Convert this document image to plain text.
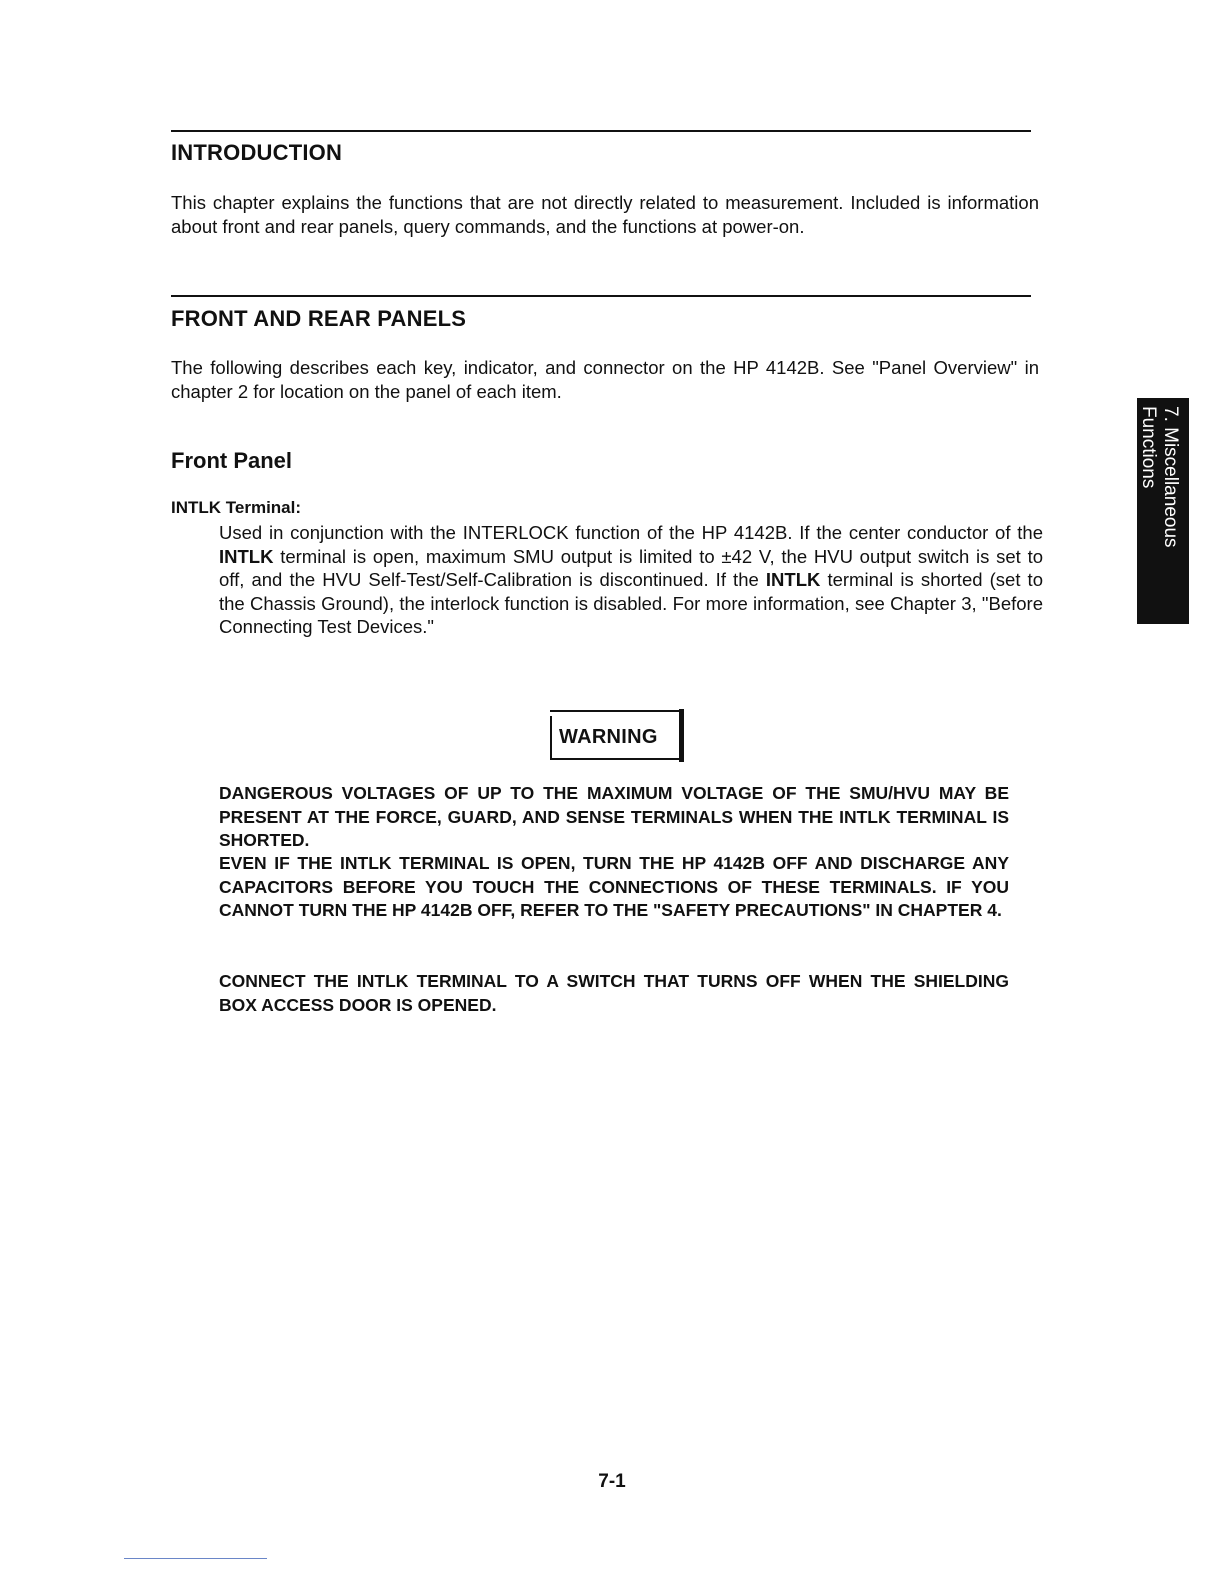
INTRODUCTION

This chapter explains the functions that are not directly related to measurement. Included is information about front and rear panels, query commands, and the functions at power-on.

FRONT AND REAR PANELS

The following describes each key, indicator, and connector on the HP 4142B. See "Panel Overview" in chapter 2 for location on the panel of each item.

Front Panel

INTLK Terminal:

Used in conjunction with the INTERLOCK function of the HP 4142B. If the center conductor of the INTLK terminal is open, maximum SMU output is limited to ±42 V, the HVU output switch is set to off, and the HVU Self-Test/Self-Calibration is discontinued. If the INTLK terminal is shorted (set to the Chassis Ground), the interlock function is disabled. For more information, see Chapter 3, "Before Connecting Test Devices."

WARNING

DANGEROUS VOLTAGES OF UP TO THE MAXIMUM VOLTAGE OF THE SMU/HVU MAY BE PRESENT AT THE FORCE, GUARD, AND SENSE TERMINALS WHEN THE INTLK TERMINAL IS SHORTED.

EVEN IF THE INTLK TERMINAL IS OPEN, TURN THE HP 4142B OFF AND DISCHARGE ANY CAPACITORS BEFORE YOU TOUCH THE CONNECTIONS OF THESE TERMINALS. IF YOU CANNOT TURN THE HP 4142B OFF, REFER TO THE "SAFETY PRECAUTIONS" IN CHAPTER 4.

CONNECT THE INTLK TERMINAL TO A SWITCH THAT TURNS OFF WHEN THE SHIELDING BOX ACCESS DOOR IS OPENED.

7. Miscellaneous
Functions

7-1
